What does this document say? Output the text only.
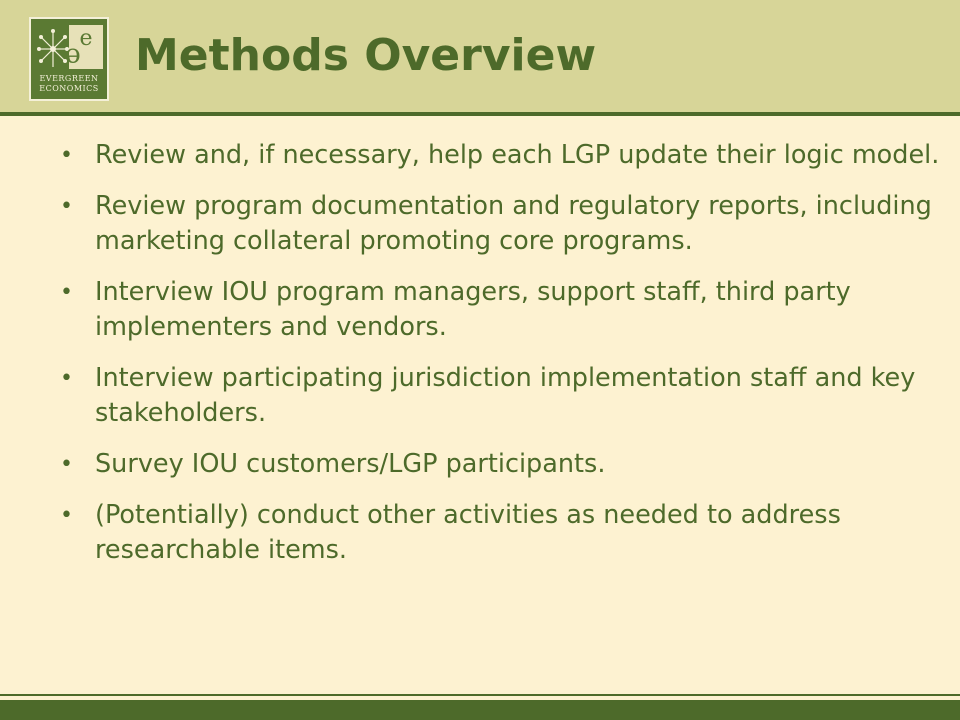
e
e
EVERGREEN
ECONOMICS
Methods Overview
• Review and, if necessary, help each LGP update their logic model.
• Review program documentation and regulatory reports, including marketing collateral promoting core programs.
• Interview IOU program managers, support staff, third party implementers and vendors.
• Interview participating jurisdiction implementation staff and key stakeholders.
• Survey IOU customers/LGP participants.
• (Potentially) conduct other activities as needed to address researchable items.
